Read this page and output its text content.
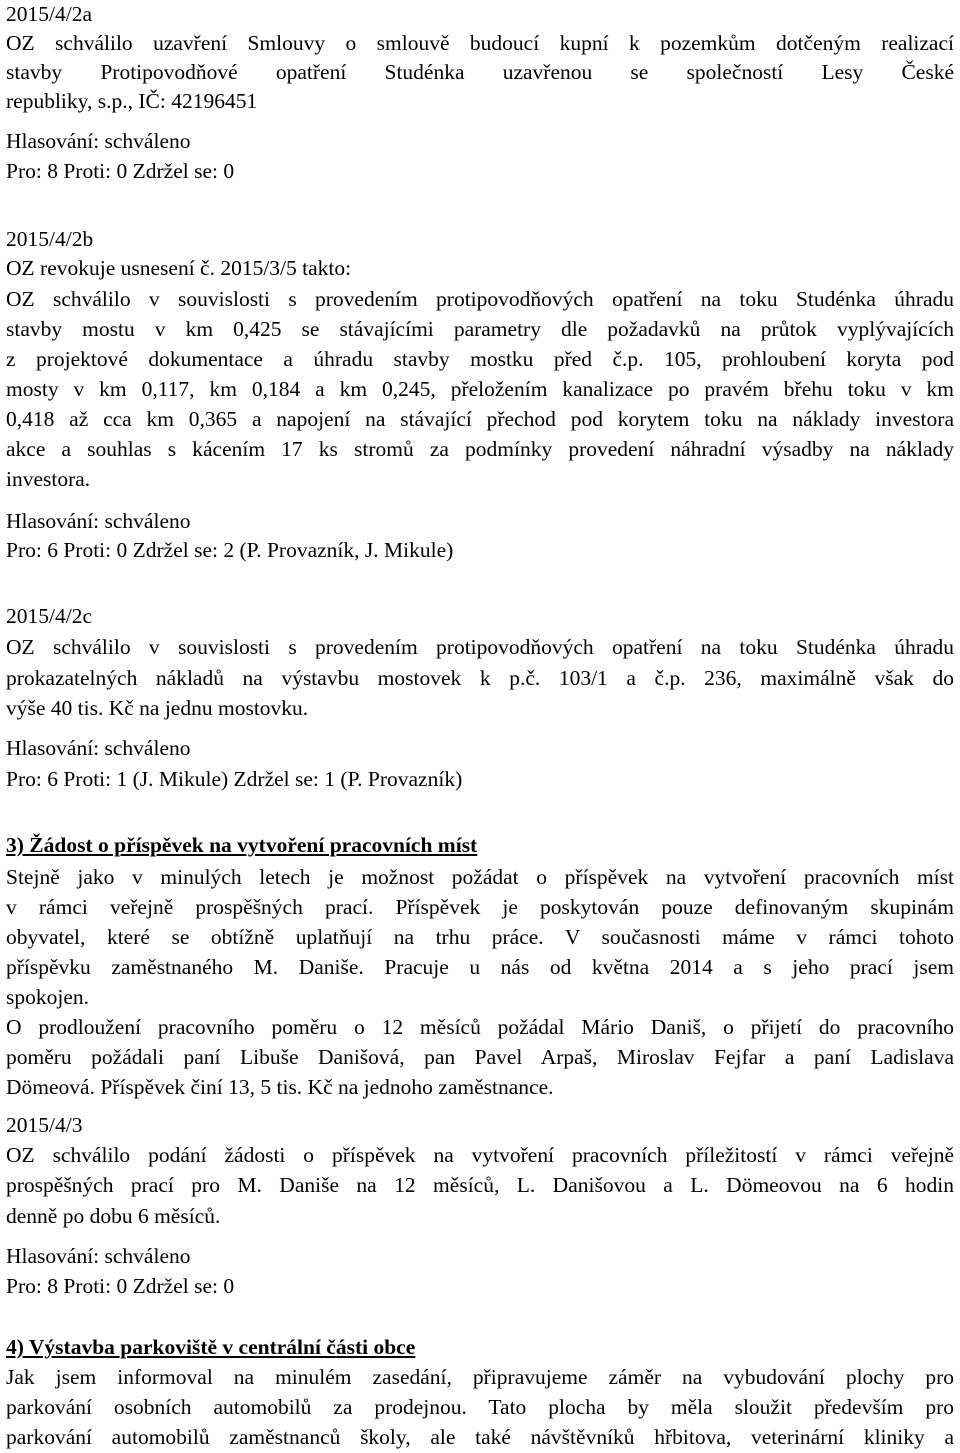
2015/4/2a
OZ schválilo uzavření Smlouvy o smlouvě budoucí kupní k pozemkům dotčeným realizací
stavby Protipovodňové opatření Studénka uzavřenou se společností Lesy České
republiky, s.p., IČ: 42196451
Hlasování: schváleno
Pro: 8 Proti: 0 Zdržel se: 0
2015/4/2b
OZ revokuje usnesení č. 2015/3/5 takto:
OZ schválilo v souvislosti s provedením protipovodňových opatření na toku Studénka úhradu
stavby mostu v km 0,425 se stávajícími parametry dle požadavků na průtok vyplývajících
z projektové dokumentace a úhradu stavby mostku před č.p. 105, prohloubení koryta pod
mosty v km 0,117, km 0,184 a km 0,245, přeložením kanalizace po pravém břehu toku v km
0,418 až cca km 0,365 a napojení na stávající přechod pod korytem toku na náklady investora
akce a souhlas s kácením 17 ks stromů za podmínky provedení náhradní výsadby na náklady
investora.
Hlasování: schváleno
Pro: 6 Proti: 0 Zdržel se: 2 (P. Provazník, J. Mikule)
2015/4/2c
OZ schválilo v souvislosti s provedením protipovodňových opatření na toku Studénka úhradu
prokazatelných nákladů na výstavbu mostovek k p.č. 103/1 a č.p. 236, maximálně však do
výše 40 tis. Kč na jednu mostovku.
Hlasování: schváleno
Pro: 6 Proti: 1 (J. Mikule) Zdržel se: 1 (P. Provazník)
3) Žádost o příspěvek na vytvoření pracovních míst
Stejně jako v minulých letech je možnost požádat o příspěvek na vytvoření pracovních míst
v rámci veřejně prospěšných prací. Příspěvek je poskytován pouze definovaným skupinám
obyvatel, které se obtížně uplatňují na trhu práce. V současnosti máme v rámci tohoto
příspěvku zaměstnaného M. Daniše. Pracuje u nás od května 2014 a s jeho prací jsem
spokojen.
O prodloužení pracovního poměru o 12 měsíců požádal Mário Daniš, o přijetí do pracovního
poměru požádali paní Libuše Danišová, pan Pavel Arpaš, Miroslav Fejfar a paní Ladislava
Dömeová. Příspěvek činí 13, 5 tis. Kč na jednoho zaměstnance.
2015/4/3
OZ schválilo podání žádosti o příspěvek na vytvoření pracovních příležitostí v rámci veřejně
prospěšných prací pro M. Daniše na 12 měsíců, L. Danišovou a L. Dömeovou na 6 hodin
denně po dobu 6 měsíců.
Hlasování: schváleno
Pro: 8 Proti: 0 Zdržel se: 0
4) Výstavba parkoviště v centrální části obce
Jak jsem informoval na minulém zasedání, připravujeme záměr na vybudování plochy pro
parkování osobních automobilů za prodejnou. Tato plocha by měla sloužit především pro
parkování automobilů zaměstnanců školy, ale také návštěvníků hřbitova, veterinární kliniky a
